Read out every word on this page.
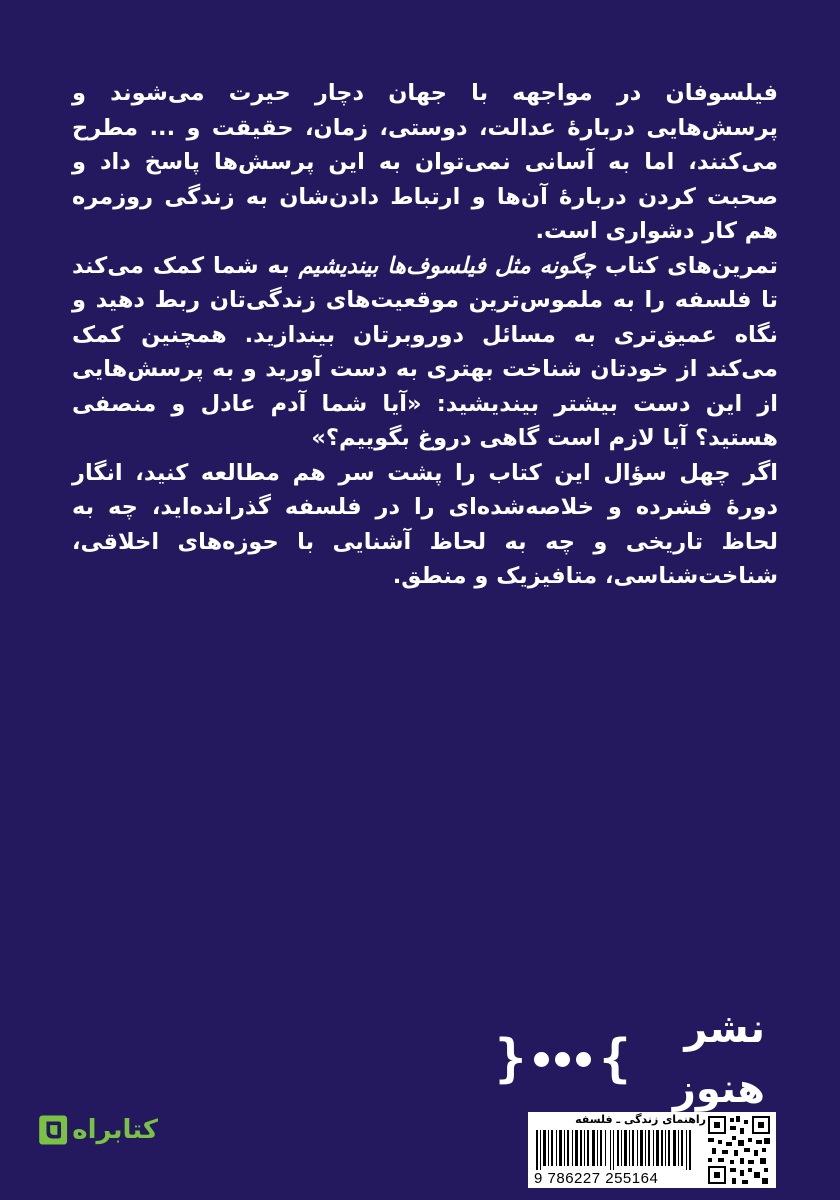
فیلسوفان در مواجهه با جهان دچار حیرت می‌شوند و پرسش‌هایی دربارهٔ عدالت، دوستی، زمان، حقیقت و ... مطرح می‌کنند، اما به آسانی نمی‌توان به این پرسش‌ها پاسخ داد و صحبت کردن دربارهٔ آن‌ها و ارتباط دادن‌شان به زندگی روزمره هم کار دشواری است.

تمرین‌های کتاب چگونه مثل فیلسوف‌ها بیندیشیم به شما کمک می‌کند تا فلسفه را به ملموس‌ترین موقعیت‌های زندگی‌تان ربط دهید و نگاه عمیق‌تری به مسائل دوروبرتان بیندازید. همچنین کمک می‌کند از خودتان شناخت بهتری به دست آورید و به پرسش‌هایی از این دست بیشتر بیندیشید: «آیا شما آدم عادل و منصفی هستید؟ آیا لازم است گاهی دروغ بگوییم؟»

اگر چهل سؤال این کتاب را پشت سر هم مطالعه کنید، انگار دورهٔ فشرده و خلاصه‌شده‌ای را در فلسفه گذرانده‌اید، چه به لحاظ تاریخی و چه به لحاظ آشنایی با حوزه‌های اخلاقی، شناخت‌شناسی، متافیزیک و منطق.

نشر هنوز
{
}
راهنمای زندگی ـ فلسفه
9 786227 255164
کتابراه
